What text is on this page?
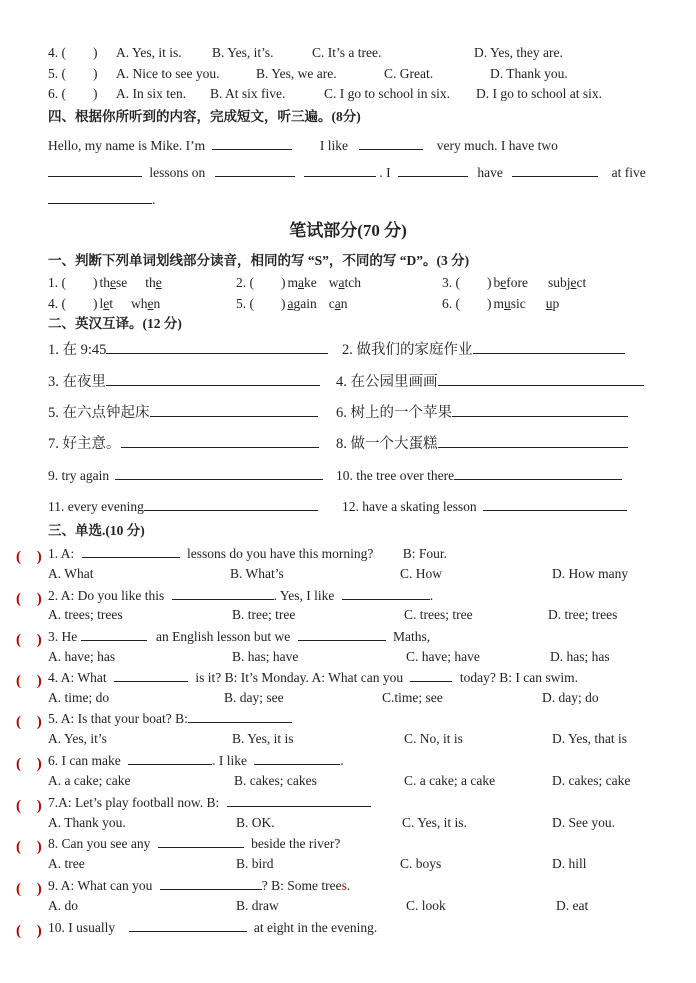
4. (　　) A. Yes, it is. B. Yes, it’s.	C. It’s a tree.	D. Yes, they are.
5. (　　) A. Nice to see you.	B. Yes, we are.	C. Great.	D. Thank you.
6. (　　) A. In six ten. B. At six five.	C. I go to school in six. D. I go to school at six.
四、根据你所听到的内容，完成短文，听三遍。(8分)
Hello, my name is Mike. I’m	I like	very much. I have two
lessons on	. I	have	at five
.
笔试部分(70 分)
一、判断下列单词划线部分读音，相同的写 “S”，不同的写 “D”。(3 分)
1. (　　) these the	2. (　　) make watch	3. (　　) before subject
4. (　　) let when	5. (　　) again can	6. (　　) music up
二、英汉互译。(12 分)
1. 在 9:45	2. 做我们的家庭作业
3. 在夜里	4. 在公园里画画
5. 在六点钟起床	6. 树上的一个苹果
7. 好主意。	8. 做一个大蛋糕
9. try again	10. the tree over there
11. every evening	12. have a skating lesson
三、单选.(10 分)
( ) 1. A:	lessons do you have this morning? B: Four.
A. What	B. What’s	C. How	D. How many
( ) 2. A: Do you like this	. Yes, I like	.
A. trees; trees	B. tree; tree	C. trees; tree	D. tree; trees
( ) 3. He	an English lesson but we	Maths,
A. have; has	B. has; have	C. have; have	D. has; has
( ) 4. A: What	is it? B: It’s Monday. A: What can you	today? B: I can swim.
A. time; do	B. day; see	C.time; see	D. day; do
( ) 5. A: Is that your boat? B:
A. Yes, it’s	B. Yes, it is	C. No, it is	D. Yes, that is
( ) 6. I can make	. I like	.
A. a cake; cake	B. cakes; cakes	C. a cake; a cake	D. cakes; cake
( ) 7.A: Let’s play football now. B:
A. Thank you.	B. OK.	C. Yes, it is.	D. See you.
( ) 8. Can you see any	beside the river?
A. tree	B. bird	C. boys	D. hill
( ) 9. A: What can you	? B: Some trees.
A. do	B. draw	C. look	D. eat
( ) 10. I usually	at eight in the evening.
